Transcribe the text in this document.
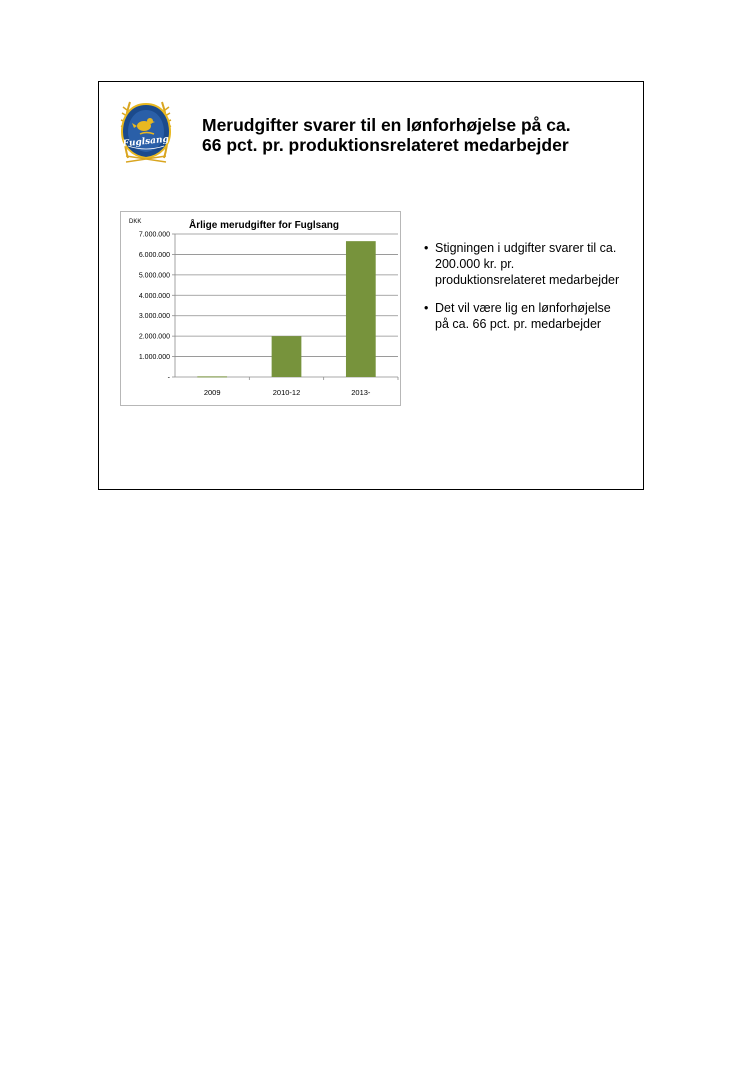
Fuglsang
Merudgifter svarer til en lønforhøjelse på ca.
66 pct. pr. produktionsrelateret medarbejder
DKK	Årlige merudgifter for Fuglsang
-
1.000.000
2.000.000
3.000.000
4.000.000
5.000.000
6.000.000
7.000.000
2009	2010-12	2013-
• Stigningen i udgifter svarer til ca. 200.000 kr. pr. produktionsrelateret medarbejder
• Det vil være lig en lønforhøjelse på ca. 66 pct. pr. medarbejder
